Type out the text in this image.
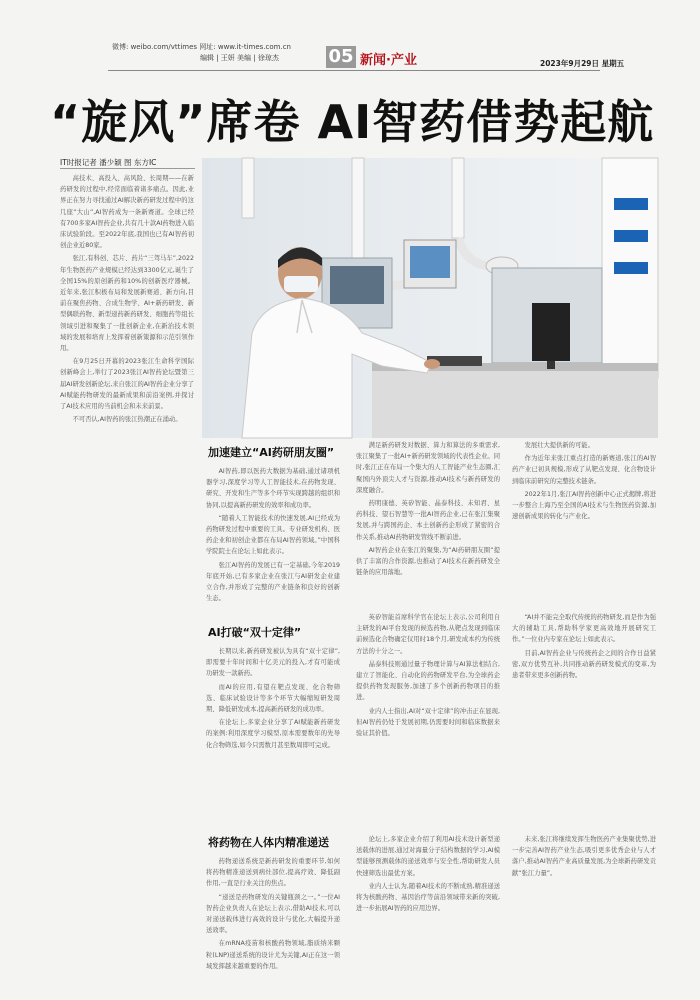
微博: weibo.com/vttimes 网址: www.it-times.com.cn
编辑 | 王妍 美编 | 徐琼杰	05 新闻·产业	2023年9月29日 星期五
“旋风”席卷 AI智药借势起航
IT时报记者 潘少颖 图 东方IC

高技术、高投入、高风险、长周期——在新药研发的过程中,经常面临着诸多痛点。因此,业界正在努力寻找通过AI解决新药研发过程中的这几座“大山”,AI智药成为一条新赛道。全球已经有700多家AI智药企业,共有几十款AI药物进入临床试验阶段。至2022年底,我国也已有AI智药初创企业近80家。

张江,有科创、芯片、药片“三驾马车”,2022年生物医药产业规模已经达到3300亿元,诞生了全国15%的原创新药和10%的创新医疗器械。近年来,张江积极布局和发展新赛道、新方向,目前在聚焦药物、合成生物学、AI+新药研发、新型偶联药物、新型递药新药研发、细胞药等组长领域引进和聚集了一批创新企业,在新治技术领域的发展和培育上发挥着创新策源和示范引领作用。

在9月25日开幕的2023张江生命科学国际创新峰会上,举行了2023张江AI智药论坛暨第三届AI研发创新论坛,来自张江的AI智药企业分享了AI赋能药物研发的最新成果和前沿案例,并探讨了AI技术应用的当前机会和未来前景。

不可否认,AI智药的张江热潮正在涌动。

加速建立“AI药研朋友圈”

AI智药,即以医药大数据为基础,通过诸项机器学习,深度学习等人工智能技术,在药物发现、研究、开发和生产等多个环节实现跨越的组织和协同,以提高新药研发的效率和成功率。

“随着人工智能技术的快速发展,AI已经成为药物研发过程中重要的工具。专业研发机构、医药企业和初创企业都在布局AI智药领域。”中国科学院院士在论坛上如此表示。

张江AI智药的发展已有一定基础,今年2019年底开始,已有多家企业在张江与AI研发企业建立合作,并形成了完整的产业链条和良好的创新生态。

满足新药研发对数据、算力和算法的多重需求,张江聚集了一批AI+新药研发领域的代表性企业。同时,张江正在布局一个集大的人工智能产业生态圈,汇聚国内外顶尖人才与资源,推动AI技术与新药研发的深度融合。

药明康德、英矽智能、晶泰科技、未知君、星药科技、望石智慧等一批AI智药企业,已在张江集聚发展,并与跨国药企、本土创新药企形成了紧密的合作关系,推动AI药物研发管线不断前进。

AI智药企业在张江的聚集,为“AI药研朋友圈”提供了丰富的合作资源,也推动了AI技术在新药研发全链条的应用落地。

发展壮大提供新的可能。

作为近年来张江重点打造的新赛道,张江的AI智药产业已初具规模,形成了从靶点发现、化合物设计到临床前研究的完整技术链条。

2022年1月,张江AI智药创新中心正式揭牌,将进一步整合上海乃至全国的AI技术与生物医药资源,加速创新成果的转化与产业化。

AI打破“双十定律”

长期以来,新药研发被认为具有“双十定律”,即需要十年时间和十亿美元的投入,才有可能成功研发一款新药。

而AI的应用,有望在靶点发现、化合物筛选、临床试验设计等多个环节大幅缩短研发周期、降低研发成本,提高新药研发的成功率。

在论坛上,多家企业分享了AI赋能新药研发的案例:利用深度学习模型,原本需要数年的先导化合物筛选,如今只需数月甚至数周即可完成。

英矽智能首席科学官在论坛上表示,公司利用自主研发的AI平台发现的候选药物,从靶点发现到临床前候选化合物确定仅用时18个月,研发成本约为传统方法的十分之一。

晶泰科技则通过量子物理计算与AI算法相结合,建立了智能化、自动化的药物研发平台,为全球药企提供药物发现服务,加速了多个创新药物项目的推进。

业内人士指出,AI对“双十定律”的冲击正在显现,但AI智药仍处于发展初期,仍需要时间和临床数据来验证其价值。

“AI并不能完全取代传统的药物研发,而是作为强大的辅助工具,帮助科学家更高效地开展研究工作。”一位业内专家在论坛上如此表示。

目前,AI智药企业与传统药企之间的合作日益紧密,双方优势互补,共同推动新药研发模式的变革,为患者带来更多创新药物。

将药物在人体内精准递送

药物递送系统是新药研发的重要环节,如何将药物精准递送到病灶部位,提高疗效、降低副作用,一直是行业关注的焦点。

“递送是药物研发的关键瓶颈之一。”一位AI智药企业负责人在论坛上表示,借助AI技术,可以对递送载体进行高效的设计与优化,大幅提升递送效率。

在mRNA疫苗和核酸药物领域,脂质纳米颗粒(LNP)递送系统的设计尤为关键,AI正在这一领域发挥越来越重要的作用。

论坛上,多家企业介绍了利用AI技术设计新型递送载体的进展,通过对海量分子结构数据的学习,AI模型能够预测载体的递送效率与安全性,帮助研发人员快速筛选出最优方案。

业内人士认为,随着AI技术的不断成熟,精准递送将为核酸药物、基因治疗等前沿领域带来新的突破,进一步拓展AI智药的应用边界。

未来,张江将继续发挥生物医药产业集聚优势,进一步完善AI智药产业生态,吸引更多优秀企业与人才落户,推动AI智药产业高质量发展,为全球新药研发贡献“张江力量”。
